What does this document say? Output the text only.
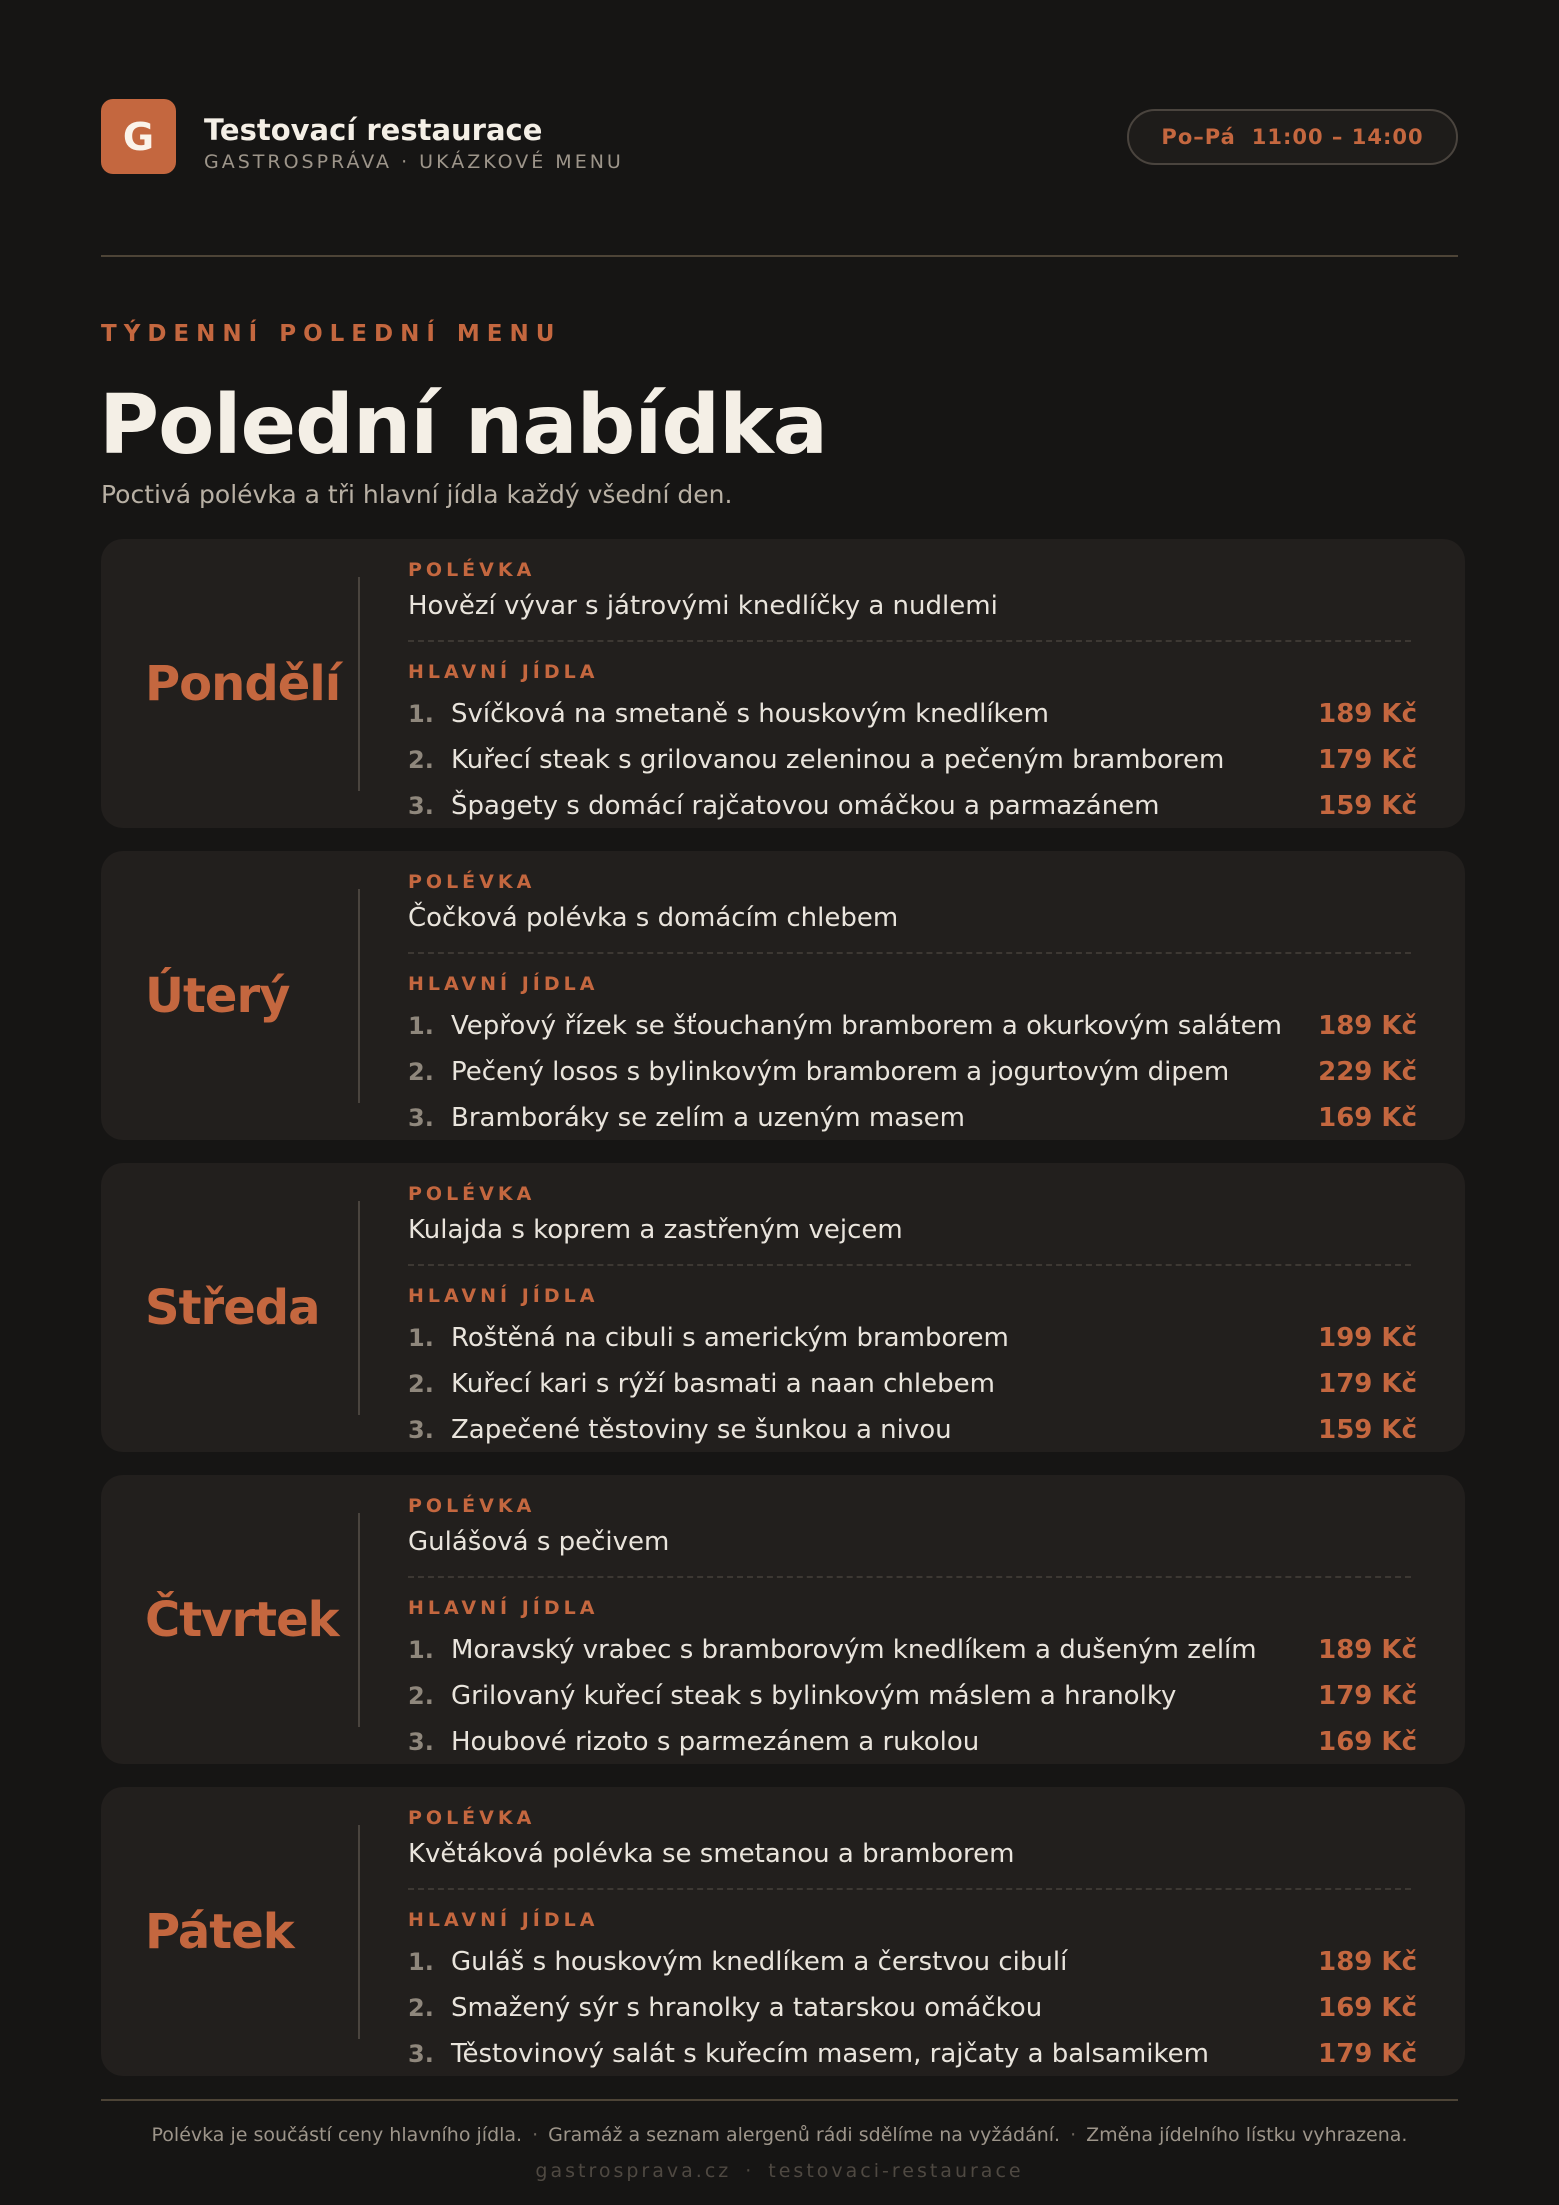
G	Testovací restaurace
GASTROSPRÁVA · UKÁZKOVÉ MENU
Po–Pá 11:00 – 14:00
TÝDENNÍ POLEDNÍ MENU
Polední nabídka
Poctivá polévka a tři hlavní jídla každý všední den.
Pondělí
POLÉVKA
Hovězí vývar s játrovými knedlíčky a nudlemi
HLAVNÍ JÍDLA
1. Svíčková na smetaně s houskovým knedlíkem	189 Kč
2. Kuřecí steak s grilovanou zeleninou a pečeným bramborem	179 Kč
3. Špagety s domácí rajčatovou omáčkou a parmazánem	159 Kč
Úterý
POLÉVKA
Čočková polévka s domácím chlebem
HLAVNÍ JÍDLA
1. Vepřový řízek se šťouchaným bramborem a okurkovým salátem	189 Kč
2. Pečený losos s bylinkovým bramborem a jogurtovým dipem	229 Kč
3. Bramboráky se zelím a uzeným masem	169 Kč
Středa
POLÉVKA
Kulajda s koprem a zastřeným vejcem
HLAVNÍ JÍDLA
1. Roštěná na cibuli s americkým bramborem	199 Kč
2. Kuřecí kari s rýží basmati a naan chlebem	179 Kč
3. Zapečené těstoviny se šunkou a nivou	159 Kč
Čtvrtek
POLÉVKA
Gulášová s pečivem
HLAVNÍ JÍDLA
1. Moravský vrabec s bramborovým knedlíkem a dušeným zelím	189 Kč
2. Grilovaný kuřecí steak s bylinkovým máslem a hranolky	179 Kč
3. Houbové rizoto s parmezánem a rukolou	169 Kč
Pátek
POLÉVKA
Květáková polévka se smetanou a bramborem
HLAVNÍ JÍDLA
1. Guláš s houskovým knedlíkem a čerstvou cibulí	189 Kč
2. Smažený sýr s hranolky a tatarskou omáčkou	169 Kč
3. Těstovinový salát s kuřecím masem, rajčaty a balsamikem	179 Kč
Polévka je součástí ceny hlavního jídla. · Gramáž a seznam alergenů rádi sdělíme na vyžádání. · Změna jídelního lístku vyhrazena.
gastrosprava.cz · testovaci-restaurace
